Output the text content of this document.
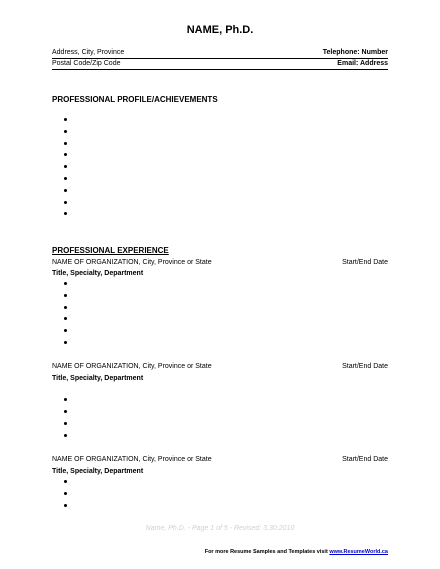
NAME, Ph.D.
Address, City, Province	Telephone: Number
Postal Code/Zip Code	Email: Address
PROFESSIONAL PROFILE/ACHIEVEMENTS
PROFESSIONAL EXPERIENCE
NAME OF ORGANIZATION, City, Province or State	Start/End Date
Title, Specialty, Department
NAME OF ORGANIZATION, City, Province or State	Start/End Date
Title, Specialty, Department
NAME OF ORGANIZATION, City, Province or State	Start/End Date
Title, Specialty, Department
Name, Ph.D. - Page 1 of 5 - Revised: 3.30.2010
For more Resume Samples and Templates visit www.ResumeWorld.ca
